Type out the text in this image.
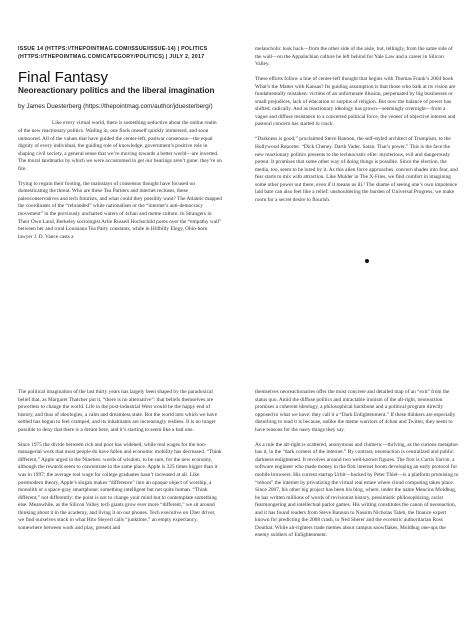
ISSUE 14 (HTTPS://THEPOINTMAG.COM/ISSUE/ISSUE-14) | POLITICS (HTTPS://THEPOINTMAG.COM/CATEGORY/POLITICS) | JULY 2, 2017

Final Fantasy
Neoreactionary politics and the liberal imagination

by James Duesterberg (https://thepointmag.com/author/jduesterberg/)

Like every virtual world, there is something seductive about the online realm of the new reactionary politics. Wading in, one finds oneself quickly immersed, and soon unmoored. All of the values that have guided the center-left, postwar consensus—the equal dignity of every individual, the guiding role of knowledge, government’s positive role in shaping civil society, a general sense that we’re moving towards a better world—are inverted. The moral landmarks by which we were accustomed to get our bearings aren’t gone: they’re on fire.

Trying to regain their footing, the mainstays of consensus thought have focused on domesticating the threat. Who are these Tea Partiers and internet recluses, these paleoconservatives and tech futurists, and what could they possibly want? The Atlantic mapped the coordinates of the “rebranded” white nationalism or the “internet’s anti-democracy movement” in the previously uncharted waters of 4chan and meme culture. In Strangers in Their Own Land, Berkeley sociologist Arlie Russell Hochschild pores over the “empathy wall” between her and rural Louisiana Tea Party constants, while in Hillbilly Elegy, Ohio-born lawyer J. D. Vance casts a

melancholic look back—from the other side of the aisle, but, tellingly, from the same side of the wall—on the Appalachian culture he left behind for Yale Law and a career in Silicon Valley.

These efforts follow a line of center-left thought that begins with Thomas Frank’s 2004 book What’s the Matter with Kansas? Its guiding assumption is that those who balk at its vision are fundamentally mistaken: victims of an unfortunate illusion, perpetuated by big businesses or small prejudices, lack of education or surplus of religion. But now the balance of power has shifted, radically. And as reactionary ideology has grown—seemingly overnight—from a vague and diffuse resistance to a concerted political force, the veneer of objective interest and pastoral concern has started to crack.

“Darkness is good,” proclaimed Steve Bannon, the self-styled architect of Trumpism, to the Hollywood Reporter. “Dick Cheney. Darth Vader. Satan. That’s power.” This is the face the new reactionary politics presents to the technocratic elite: mysterious, evil and dangerously potent. It promises that some other way of doing things is possible. Since the election, the media, too, seem to be lured by it. As this alien force approaches, concern shades into fear, and fear starts to mix with attraction. Like Mulder in The X-Files, we find comfort in imagining some other power out there, even if it means us ill.¹ The shame of seeing one’s own impotence laid bare can also feel like a relief: unshouldering the burden of Universal Progress, we make room for a secret desire to flourish.

The political imagination of the last thirty years has largely been shaped by the paradoxical belief that, as Margaret Thatcher put it, “there is no alternative”: that beliefs themselves are powerless to change the world. Life in the post-industrial West would be the happy end of history, and thus of ideologies, a calm and dreamless state. But the world into which we have settled has begun to feel cramped, and its inhabitants are increasingly restless. It is no longer possible to deny that there is a dream here, and it’s starting to seem like a bad one.

Since 1975 the divide between rich and poor has widened, while real wages for the non-managerial work that most people do have fallen and economic mobility has decreased. “Think different,” Apple urged in the Nineties: words of wisdom, to be sure, for the new economy, although the rewards seem to concentrate in the same place. Apple is 325 times bigger than it was in 1997; the average real wage for college graduates hasn’t increased at all. Like postmodern theory, Apple’s slogan makes “difference” into an opaque object of worship, a monolith or a space-gray smartphone: something intelligent but not quite human. “Think different,” not differently: the point is not to change your mind but to contemplate something else. Meanwhile, as the Silicon Valley tech giants grow ever more “different,” we sit around thinking about it in the academy, and living it on our phones. Tech executive on Uber driver, we find ourselves stuck in what Hito Steyerl calls “junktime,” an empty expectancy, somewhere between work and play, present and

themselves neoreactionaries offer the most concrete and detailed map of an “exit” from the status quo. Amid the diffuse politics and intractable ironism of the alt-right, neoreaction promises a coherent ideology, a philosophical backbone and a political program directly opposed to what we have: they call it a “Dark Enlightenment.” If these thinkers are especially disturbing to read it is because, unlike the meme warriors of 4chan and Twitter, they seem to have reasons for the nasty things they say.

As a rule the alt-right is scattered, anonymous and chimeric—thriving, as the curious metaphor has it, in the “dark corners of the internet.” By contrast, neoreaction is centralized and public: darkness enlightened. It revolves around two well-known figures. The first is Curtis Yarvin, a software engineer who made money in the first internet boom developing an early protocol for mobile browsers. His current startup Urbit—backed by Peter Thiel—is a platform promising to “reboot” the internet by privatizing the virtual real estate where cloud computing takes place. Since 2007, his other big project has been his blog, where, under the name Mencius Moldbug, he has written millions of words of revisionist history, pessimistic philosophizing, racist fearmongering and intellectual parlor games. His writing constitutes the canon of neoreaction, and it has found readers from Steve Bannon to Nassim Nicholas Taleb, the finance expert known for predicting the 2008 crash, to Ned Sherer and the eccentric authoritarian Ross Douthat. While alt-righters trade memes about campus snowflakes, Moldbug one-ups the enemy soldiers of Enlightenment.
